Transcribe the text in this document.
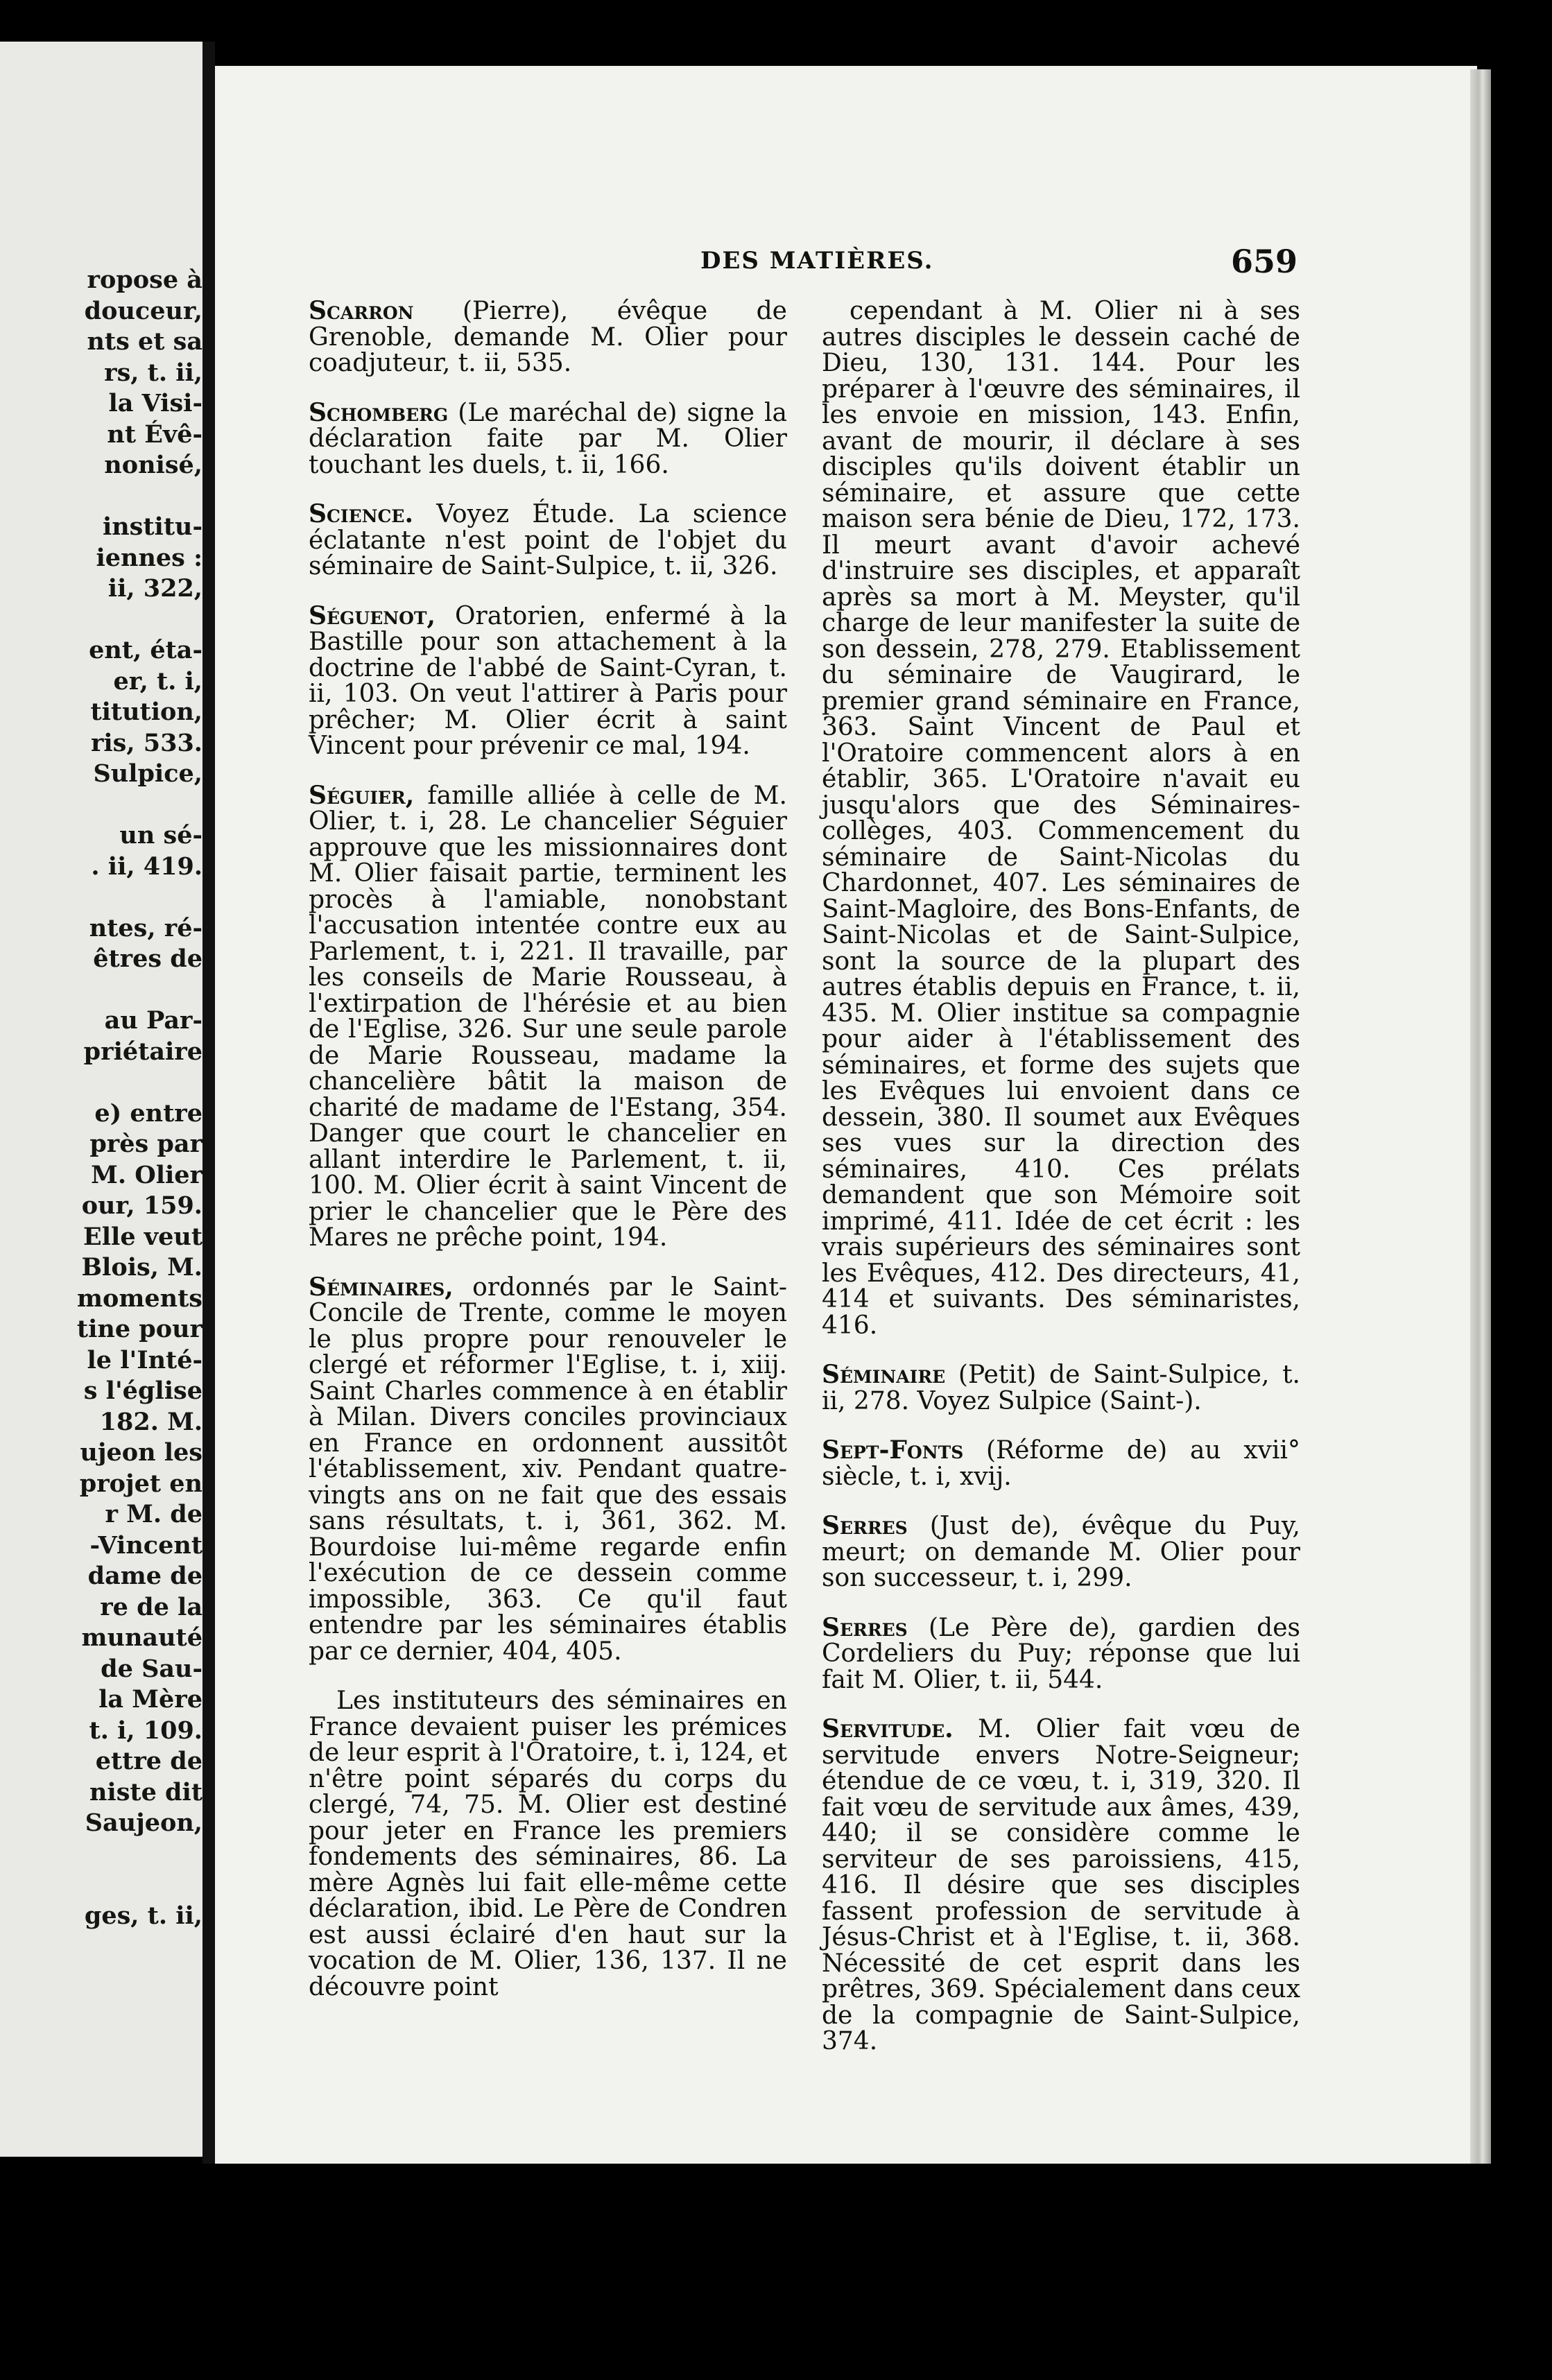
ropose à
douceur,
nts et sa
rs, t. ii,
la Visi-
nt Évê-
nonisé,
institu-
iennes :
ii, 322,
ent, éta-
er, t. i,
titution,
ris, 533.
Sulpice,
un sé-
. ii, 419.
ntes, ré-
êtres de
au Par-
priétaire
e) entre
près par
M. Olier
our, 159.
Elle veut
Blois, M.
moments
tine pour
le l'Inté-
s l'église
182. M.
ujeon les
projet en
r M. de
-Vincent
dame de
re de la
munauté
de Sau-
la Mère
t. i, 109.
ettre de
niste dit
Saujeon,
ges, t. ii,
DES MATIÈRES.	659
Scarron (Pierre), évêque de Grenoble, demande M. Olier pour coadjuteur, t. ii, 535.
Schomberg (Le maréchal de) signe la déclaration faite par M. Olier touchant les duels, t. ii, 166.
Science. Voyez Étude. La science éclatante n'est point de l'objet du séminaire de Saint-Sulpice, t. ii, 326.
Séguenot, Oratorien, enfermé à la Bastille pour son attachement à la doctrine de l'abbé de Saint-Cyran, t. ii, 103. On veut l'attirer à Paris pour prêcher; M. Olier écrit à saint Vincent pour prévenir ce mal, 194.
Séguier, famille alliée à celle de M. Olier, t. i, 28. Le chancelier Séguier approuve que les missionnaires dont M. Olier faisait partie, terminent les procès à l'amiable, nonobstant l'accusation intentée contre eux au Parlement, t. i, 221. Il travaille, par les conseils de Marie Rousseau, à l'extirpation de l'hérésie et au bien de l'Eglise, 326. Sur une seule parole de Marie Rousseau, madame la chancelière bâtit la maison de charité de madame de l'Estang, 354. Danger que court le chancelier en allant interdire le Parlement, t. ii, 100. M. Olier écrit à saint Vincent de prier le chancelier que le Père des Mares ne prêche point, 194.
Séminaires, ordonnés par le Saint-Concile de Trente, comme le moyen le plus propre pour renouveler le clergé et réformer l'Eglise, t. i, xiij. Saint Charles commence à en établir à Milan. Divers conciles provinciaux en France en ordonnent aussitôt l'établissement, xiv. Pendant quatre-vingts ans on ne fait que des essais sans résultats, t. i, 361, 362. M. Bourdoise lui-même regarde enfin l'exécution de ce dessein comme impossible, 363. Ce qu'il faut entendre par les séminaires établis par ce dernier, 404, 405.
Les instituteurs des séminaires en France devaient puiser les prémices de leur esprit à l'Oratoire, t. i, 124, et n'être point séparés du corps du clergé, 74, 75. M. Olier est destiné pour jeter en France les premiers fondements des séminaires, 86. La mère Agnès lui fait elle-même cette déclaration, ibid. Le Père de Condren est aussi éclairé d'en haut sur la vocation de M. Olier, 136, 137. Il ne découvre point
cependant à M. Olier ni à ses autres disciples le dessein caché de Dieu, 130, 131. 144. Pour les préparer à l'œuvre des séminaires, il les envoie en mission, 143. Enfin, avant de mourir, il déclare à ses disciples qu'ils doivent établir un séminaire, et assure que cette maison sera bénie de Dieu, 172, 173. Il meurt avant d'avoir achevé d'instruire ses disciples, et apparaît après sa mort à M. Meyster, qu'il charge de leur manifester la suite de son dessein, 278, 279. Etablissement du séminaire de Vaugirard, le premier grand séminaire en France, 363. Saint Vincent de Paul et l'Oratoire commencent alors à en établir, 365. L'Oratoire n'avait eu jusqu'alors que des Séminaires-collèges, 403. Commencement du séminaire de Saint-Nicolas du Chardonnet, 407. Les séminaires de Saint-Magloire, des Bons-Enfants, de Saint-Nicolas et de Saint-Sulpice, sont la source de la plupart des autres établis depuis en France, t. ii, 435. M. Olier institue sa compagnie pour aider à l'établissement des séminaires, et forme des sujets que les Evêques lui envoient dans ce dessein, 380. Il soumet aux Evêques ses vues sur la direction des séminaires, 410. Ces prélats demandent que son Mémoire soit imprimé, 411. Idée de cet écrit : les vrais supérieurs des séminaires sont les Evêques, 412. Des directeurs, 41, 414 et suivants. Des séminaristes, 416.
Séminaire (Petit) de Saint-Sulpice, t. ii, 278. Voyez Sulpice (Saint-).
Sept-Fonts (Réforme de) au xvii° siècle, t. i, xvij.
Serres (Just de), évêque du Puy, meurt; on demande M. Olier pour son successeur, t. i, 299.
Serres (Le Père de), gardien des Cordeliers du Puy; réponse que lui fait M. Olier, t. ii, 544.
Servitude. M. Olier fait vœu de servitude envers Notre-Seigneur; étendue de ce vœu, t. i, 319, 320. Il fait vœu de servitude aux âmes, 439, 440; il se considère comme le serviteur de ses paroissiens, 415, 416. Il désire que ses disciples fassent profession de servitude à Jésus-Christ et à l'Eglise, t. ii, 368. Nécessité de cet esprit dans les prêtres, 369. Spécialement dans ceux de la compagnie de Saint-Sulpice, 374.
